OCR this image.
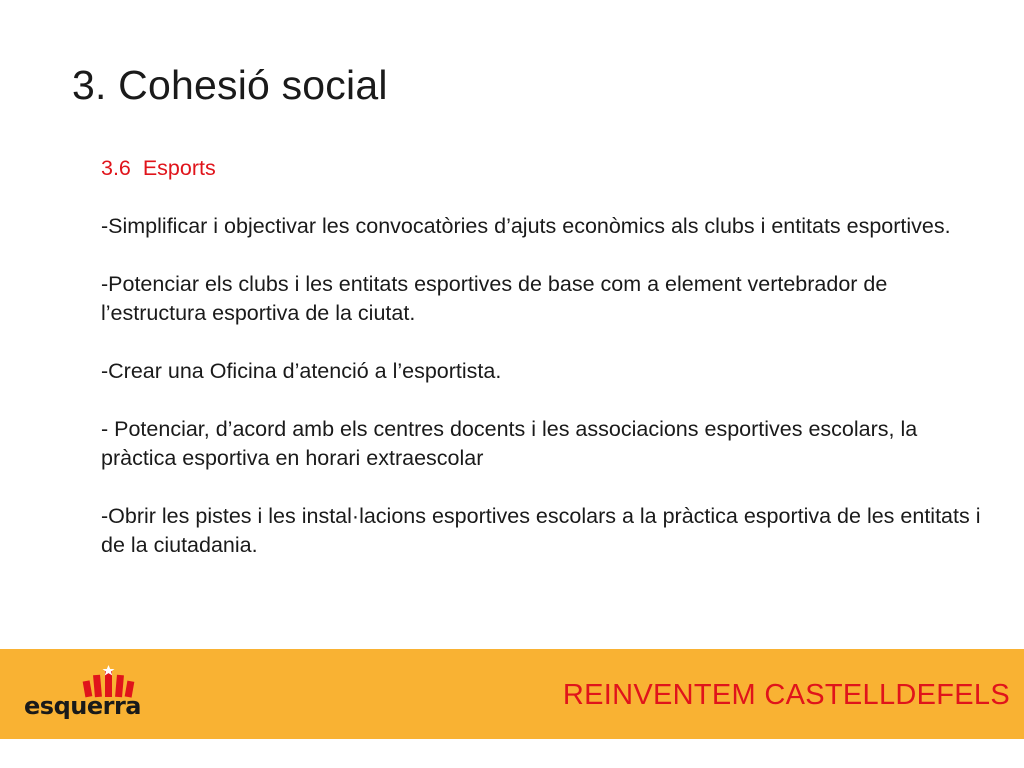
3. Cohesió social

3.6  Esports

-Simplificar i objectivar les convocatòries d’ajuts econòmics als clubs i entitats esportives.

-Potenciar els clubs i les entitats esportives de base com a element vertebrador de l’estructura esportiva de la ciutat.

-Crear una Oficina d’atenció a l’esportista.

- Potenciar, d’acord amb els centres docents i les associacions esportives escolars, la pràctica esportiva en horari extraescolar

-Obrir les pistes i les instal·lacions esportives escolars a la pràctica esportiva de les entitats i de la ciutadania.

esquerra	REINVENTEM CASTELLDEFELS
